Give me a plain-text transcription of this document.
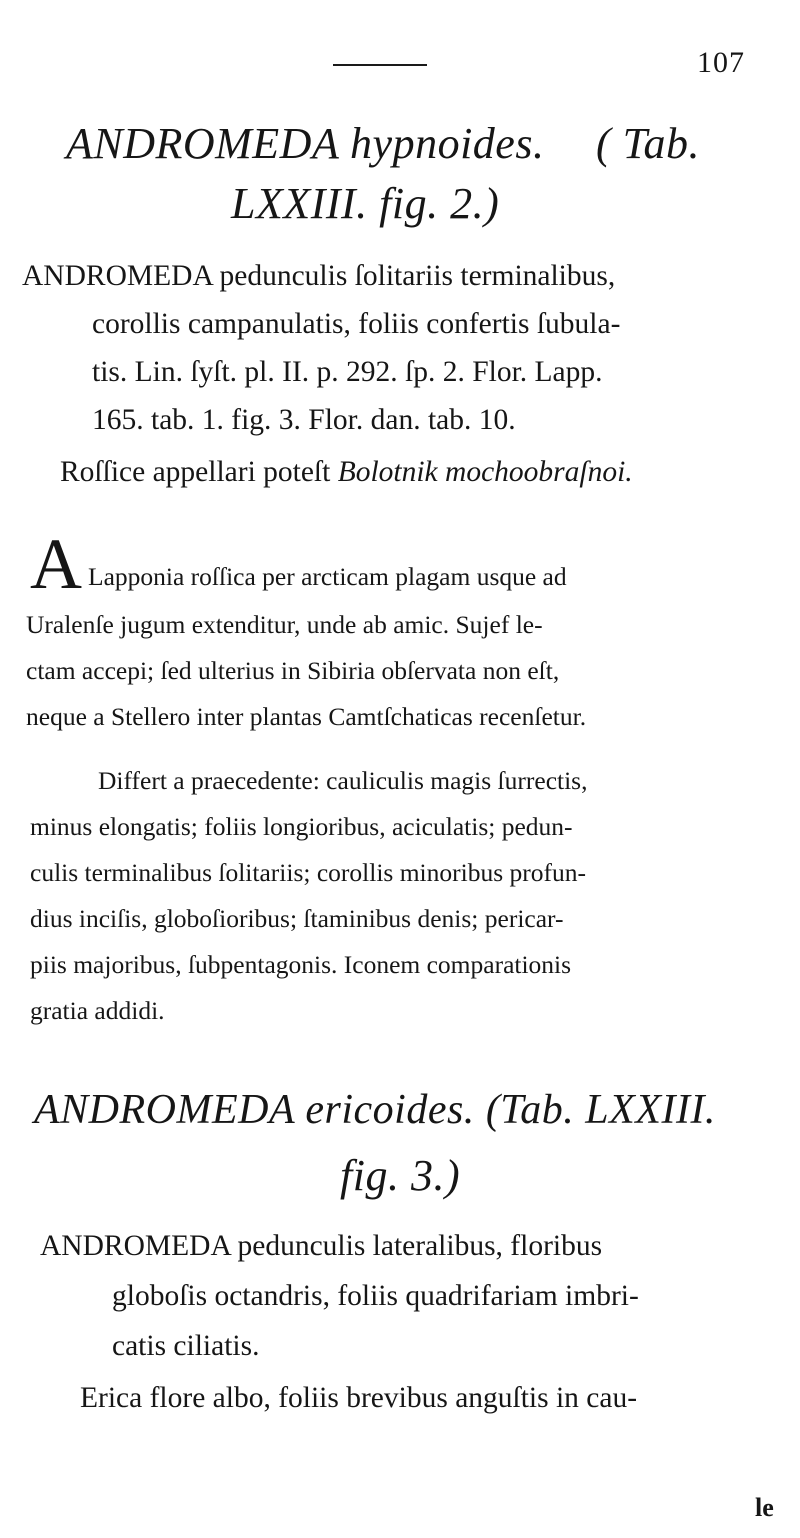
107
ANDROMEDA hypnoides. ( Tab.
LXXIII. fig. 2.)
ANDROMEDA pedunculis ſolitariis terminalibus,
corollis campanulatis, foliis confertis ſubula-
tis. Lin. ſyſt. pl. II. p. 292. ſp. 2. Flor. Lapp.
165. tab. 1. fig. 3. Flor. dan. tab. 10.
Roſſice appellari poteſt Bolotnik mochoobraſnoi.
A Lapponia roſſica per arcticam plagam usque ad
Uralenſe jugum extenditur, unde ab amic. Sujef le-
ctam accepi; ſed ulterius in Sibiria obſervata non eſt,
neque a Stellero inter plantas Camtſchaticas recenſetur.
Differt a praecedente: cauliculis magis ſurrectis,
minus elongatis; foliis longioribus, aciculatis; pedun-
culis terminalibus ſolitariis; corollis minoribus profun-
dius inciſis, globoſioribus; ſtaminibus denis; pericar-
piis majoribus, ſubpentagonis. Iconem comparationis
gratia addidi.
ANDROMEDA ericoides. (Tab. LXXIII.
fig. 3.)
ANDROMEDA pedunculis lateralibus, floribus
globoſis octandris, foliis quadrifariam imbri-
catis ciliatis.
Erica flore albo, foliis brevibus anguſtis in cau-
le
